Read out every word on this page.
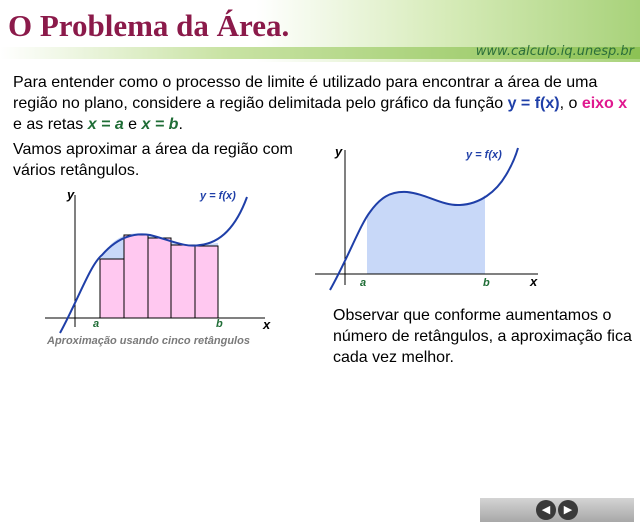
O Problema da Área.
www.calculo.iq.unesp.br
Para entender como o processo de limite é utilizado para encontrar a área de uma região no plano, considere a região delimitada pelo gráfico da função y = f(x), o eixo x e as retas x = a e x = b.
Vamos aproximar a área da região com vários retângulos.
y
x
y = f(x)
a	b
Aproximação usando cinco retângulos
y
x
y = f(x)
a	b
Observar que conforme aumentamos o número de retângulos, a aproximação fica cada vez melhor.
◀	▶
